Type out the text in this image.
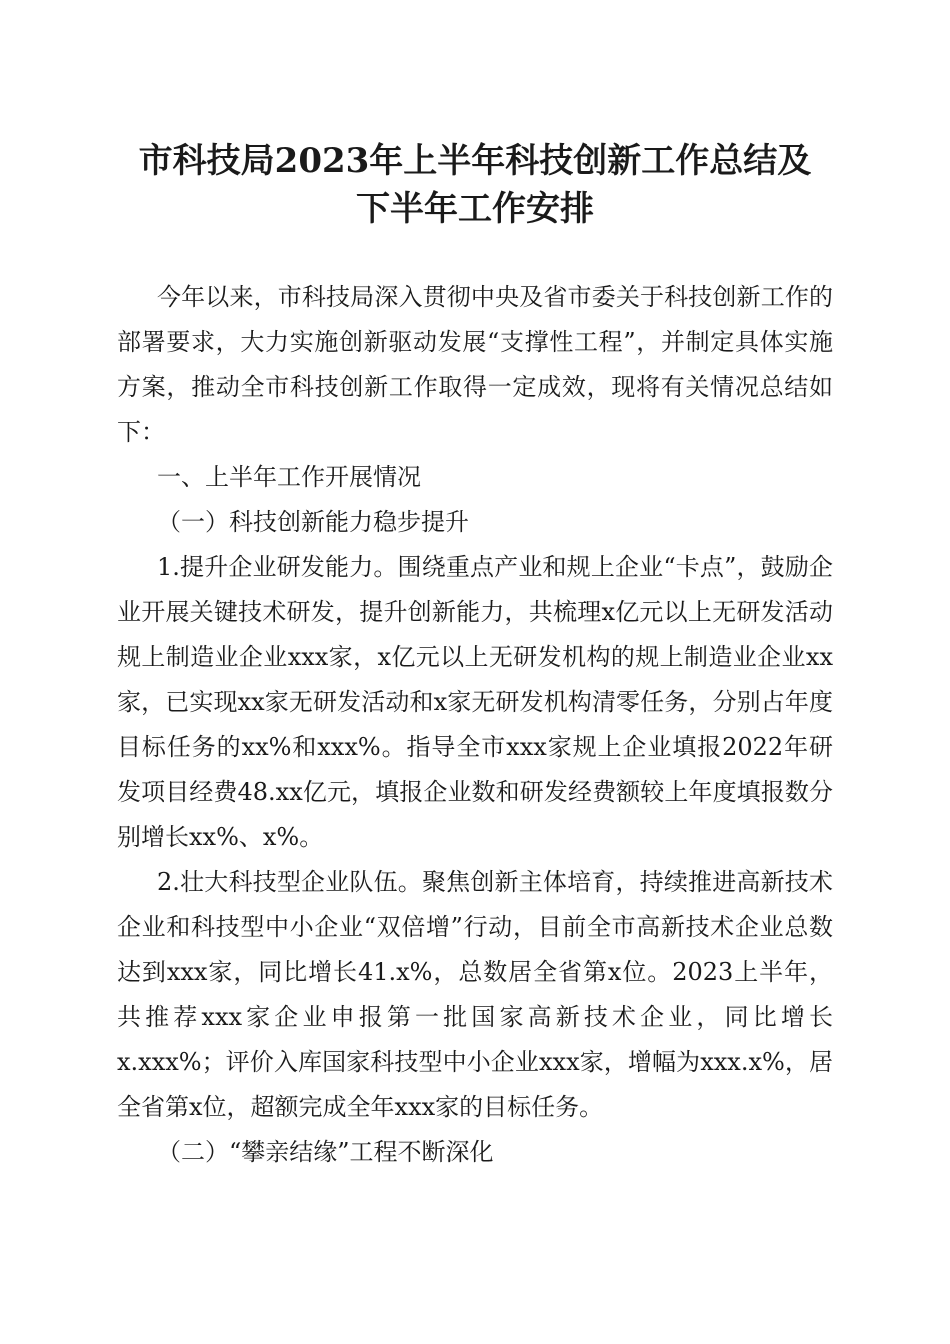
市科技局2023年上半年科技创新工作总结及
下半年工作安排

今年以来，市科技局深入贯彻中央及省市委关于科技创新工作的部署要求，大力实施创新驱动发展“支撑性工程”，并制定具体实施方案，推动全市科技创新工作取得一定成效，现将有关情况总结如下：

一、上半年工作开展情况

（一）科技创新能力稳步提升

1.提升企业研发能力。围绕重点产业和规上企业“卡点”，鼓励企业开展关键技术研发，提升创新能力，共梳理x亿元以上无研发活动规上制造业企业xxx家，x亿元以上无研发机构的规上制造业企业xx家，已实现xx家无研发活动和x家无研发机构清零任务，分别占年度目标任务的xx%和xxx%。指导全市xxx家规上企业填报2022年研发项目经费48.xx亿元，填报企业数和研发经费额较上年度填报数分别增长xx%、x%。

2.壮大科技型企业队伍。聚焦创新主体培育，持续推进高新技术企业和科技型中小企业“双倍增”行动，目前全市高新技术企业总数达到xxx家，同比增长41.x%，总数居全省第x位。2023上半年，共推荐xxx家企业申报第一批国家高新技术企业，同比增长x.xxx%；评价入库国家科技型中小企业xxx家，增幅为xxx.x%，居全省第x位，超额完成全年xxx家的目标任务。

（二）“攀亲结缘”工程不断深化
